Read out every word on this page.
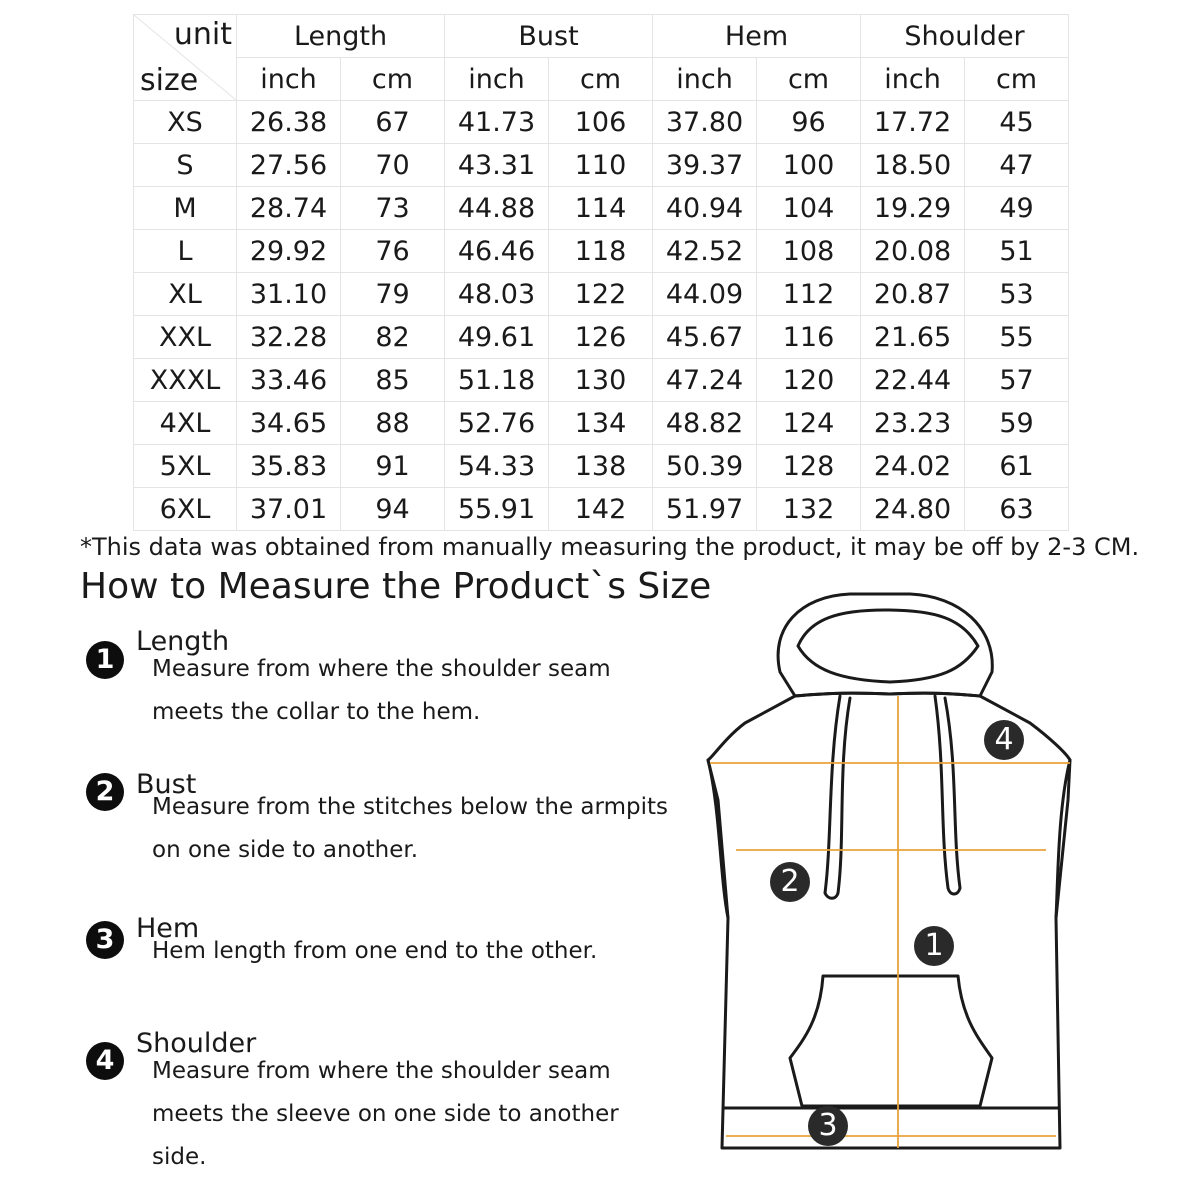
unit
size	Length		Bust		Hem		Shoulder	
	inch	cm	inch	cm	inch	cm	inch	cm
XS	26.38	67	41.73	106	37.80	96	17.72	45
S	27.56	70	43.31	110	39.37	100	18.50	47
M	28.74	73	44.88	114	40.94	104	19.29	49
L	29.92	76	46.46	118	42.52	108	20.08	51
XL	31.10	79	48.03	122	44.09	112	20.87	53
XXL	32.28	82	49.61	126	45.67	116	21.65	55
XXXL	33.46	85	51.18	130	47.24	120	22.44	57
4XL	34.65	88	52.76	134	48.82	124	23.23	59
5XL	35.83	91	54.33	138	50.39	128	24.02	61
6XL	37.01	94	55.91	142	51.97	132	24.80	63
*This data was obtained from manually measuring the product, it may be off by 2-3 CM.
How to Measure the Product`s Size
1
Length
Measure from where the shoulder seam meets the collar to the hem.
2 Bust
Measure from the stitches below the armpits on one side to another.
3 Hem
Hem length from one end to the other.
4
Shoulder
Measure from where the shoulder seam meets the sleeve on one side to another side.
4
2
1
3
